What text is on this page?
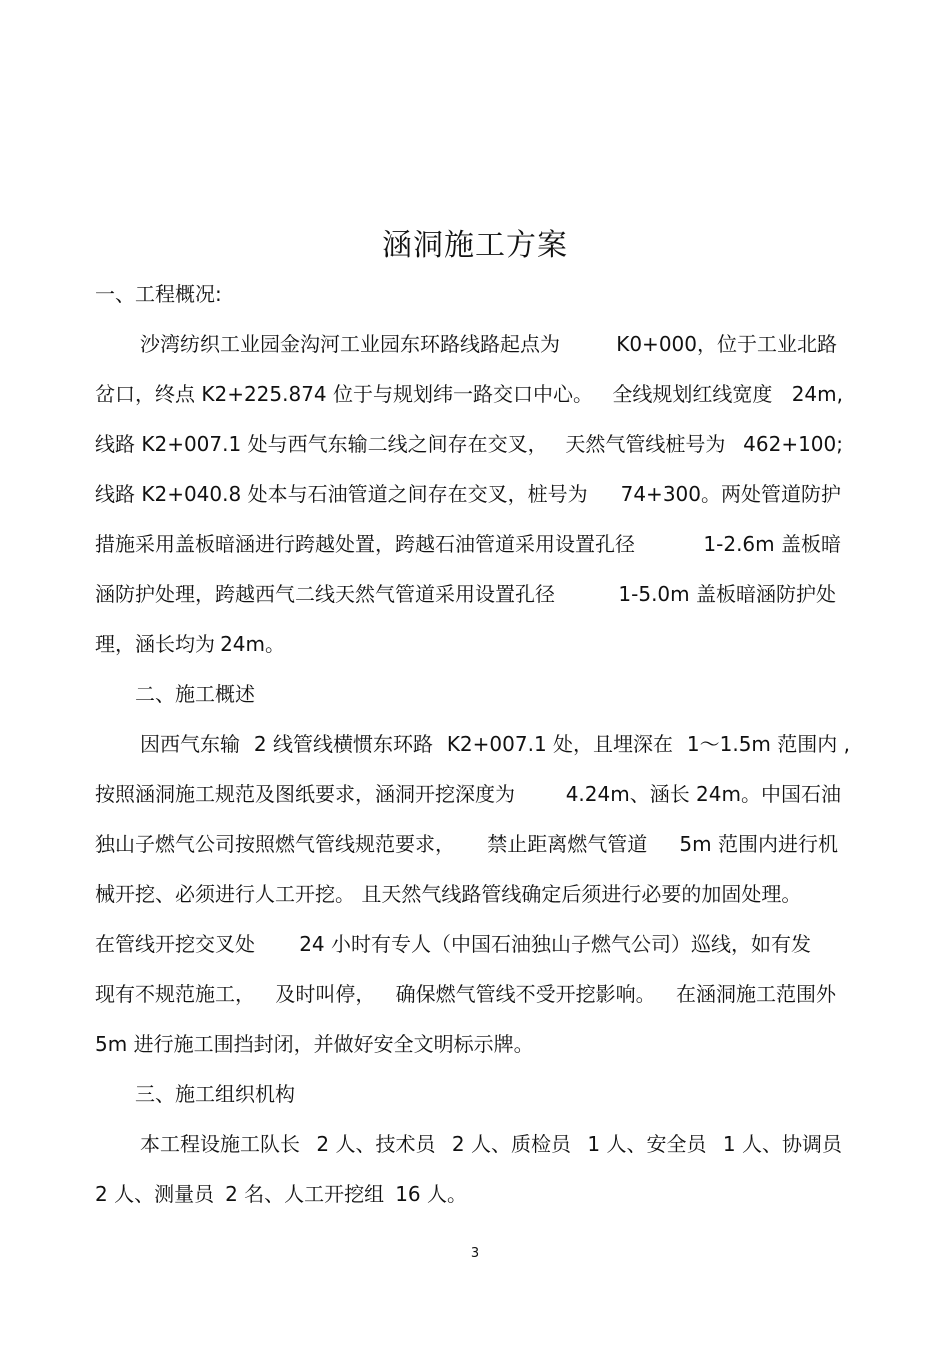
涵洞施工方案
一、工程概况:
沙湾纺织工业园金沟河工业园东环路线路起点为	K0+000，位于工业北路
岔口，终点 K2+225.874 位于与规划纬一路交口中心。 全线规划红线宽度 24m,
线路 K2+007.1 处与西气东输二线之间存在交叉， 天然气管线桩号为 462+100;
线路 K2+040.8 处本与石油管道之间存在交叉，桩号为 74+300。两处管道防护
措施采用盖板暗涵进行跨越处置，跨越石油管道采用设置孔径	1-2.6m 盖板暗
涵防护处理，跨越西气二线天然气管道采用设置孔径	1-5.0m 盖板暗涵防护处
理，涵长均为 24m。
二、施工概述
因西气东输 2 线管线横惯东环路 K2+007.1 处，且埋深在 1～1.5m 范围内 ,
按照涵洞施工规范及图纸要求，涵洞开挖深度为	4.24m、涵长 24m。中国石油
独山子燃气公司按照燃气管线规范要求， 禁止距离燃气管道 5m 范围内进行机
械开挖、必须进行人工开挖。 且天然气线路管线确定后须进行必要的加固处理。
在管线开挖交叉处 24 小时有专人（中国石油独山子燃气公司）巡线，如有发
现有不规范施工， 及时叫停， 确保燃气管线不受开挖影响。 在涵洞施工范围外
5m 进行施工围挡封闭，并做好安全文明标示牌。
三、施工组织机构
本工程设施工队长 2 人、技术员 2 人、质检员 1 人、安全员 1 人、协调员
2 人、测量员 2 名、人工开挖组 16 人。
3
